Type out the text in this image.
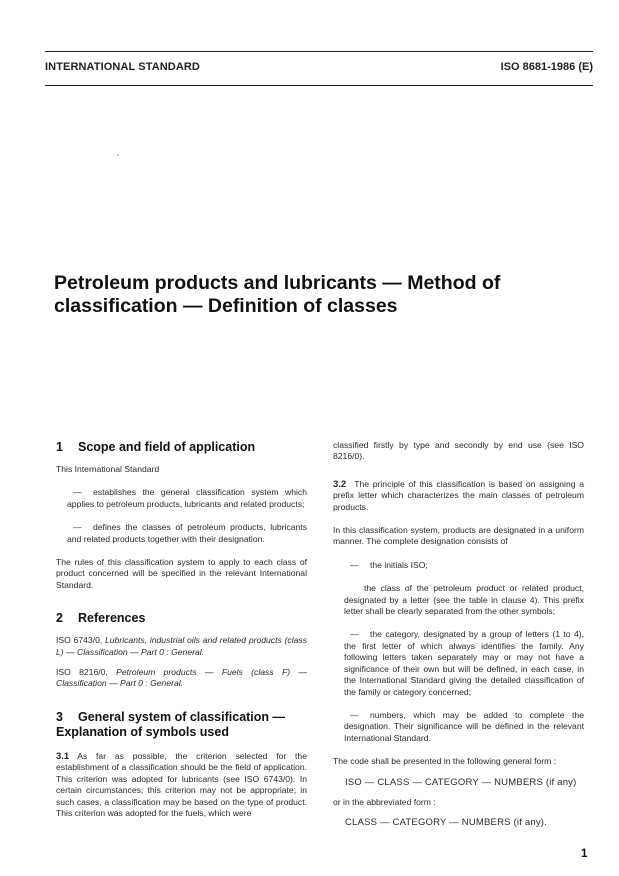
INTERNATIONAL STANDARD	ISO 8681-1986 (E)
Petroleum products and lubricants — Method of
classification — Definition of classes
1 Scope and field of application

This International Standard

— establishes the general classification system which applies to petroleum products, lubricants and related products;

— defines the classes of petroleum products, lubricants and related products together with their designation.

The rules of this classification system to apply to each class of product concerned will be specified in the relevant International Standard.

2 References

ISO 6743/0, Lubricants, industrial oils and related products (class L) — Classification — Part 0 : General.

ISO 8216/0, Petroleum products — Fuels (class F) — Classification — Part 0 : General.

3 General system of classification —
Explanation of symbols used

3.1 As far as possible, the criterion selected for the establishment of a classification should be the field of application. This criterion was adopted for lubricants (see ISO 6743/0). In certain circumstances, this criterion may not be appropriate; in such cases, a classification may be based on the type of product. This criterion was adopted for the fuels, which were

classified firstly by type and secondly by end use (see ISO 8216/0).

3.2 The principle of this classification is based on assigning a prefix letter which characterizes the main classes of petroleum products.

In this classification system, products are designated in a uniform manner. The complete designation consists of

— the initials ISO;

the class of the petroleum product or related product, designated by a letter (see the table in clause 4). This prefix letter shall be clearly separated from the other symbols;

— the category, designated by a group of letters (1 to 4), the first letter of which always identifies the family. Any following letters taken separately may or may not have a significance of their own but will be defined, in each case, in the International Standard giving the detailed classification of the family or category concerned;

— numbers, which may be added to complete the designation. Their significance will be defined in the relevant International Standard.

The code shall be presented in the following general form :

ISO — CLASS — CATEGORY — NUMBERS (if any)

or in the abbreviated form :

CLASS — CATEGORY — NUMBERS (if any).

1
